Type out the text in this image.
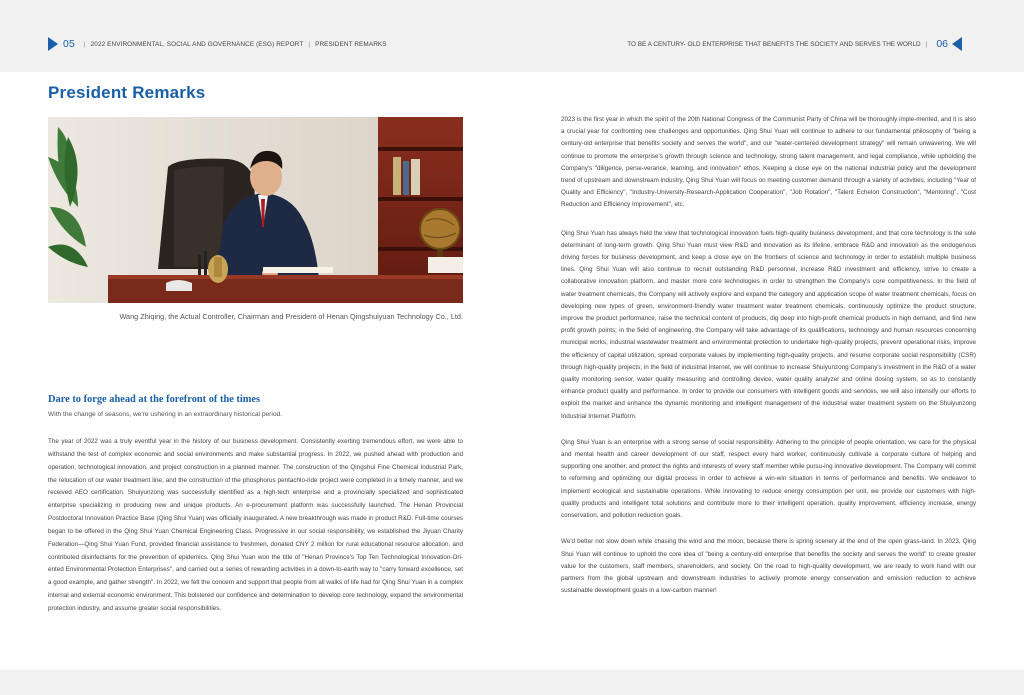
05 | 2022 ENVIRONMENTAL, SOCIAL AND GOVERNANCE (ESG) REPORT | PRESIDENT REMARKS	TO BE A CENTURY- OLD ENTERPRISE THAT BENEFITS THE SOCIETY AND SERVES THE WORLD | 06
President Remarks
Wang Zhiqing, the Actual Controller, Chairman and President of Henan Qingshuiyuan Technology Co., Ltd.
Dare to forge ahead at the forefront of the times

With the change of seasons, we're ushering in an extraordinary historical period.

The year of 2022 was a truly eventful year in the history of our business development. Consistently exerting tremendous effort, we were able to withstand the test of complex economic and social environments and make substantial progress. In 2022, we pushed ahead with production and operation, technological innovation, and project construction in a planned manner. The construction of the Qingshui Fine Chemical Industrial Park, the relocation of our water treatment line, and the construction of the phosphorus pentachlo-ride project were completed in a timely manner, and we received AEO certification. Shuiyunzong was successfully identified as a high-tech enterprise and a provincially specialized and sophisticated enterprise specializing in producing new and unique products. An e-procurement platform was successfully launched. The Henan Provincial Postdoctoral Innovation Practice Base (Qing Shui Yuan) was officially inaugurated. A new breakthrough was made in product R&D. Full-time courses began to be offered in the Qing Shui Yuan Chemical Engineering Class. Progressive in our social responsibility, we established the Jiyuan Charity Federation—Qing Shui Yuan Fund, provided financial assistance to freshmen, donated CNY 2 million for rural educational resource allocation, and contributed disinfectants for the prevention of epidemics. Qing Shui Yuan won the title of "Henan Province's Top Ten Technological Innovation-Ori-ented Environmental Protection Enterprises", and carried out a series of rewarding activities in a down-to-earth way to "carry forward excellence, set a good example, and gather strength". In 2022, we felt the concern and support that people from all walks of life had for Qing Shui Yuan in a complex internal and external economic environment. This bolstered our confidence and determination to develop core technology, expand the environmental protection industry, and assume greater social responsibilities.

2023 is the first year in which the spirit of the 20th National Congress of the Communist Party of China will be thoroughly imple-mented, and it is also a crucial year for confronting new challenges and opportunities. Qing Shui Yuan will continue to adhere to our fundamental philosophy of "being a century-old enterprise that benefits society and serves the world", and our "water-centered development strategy" will remain unwavering. We will continue to promote the enterprise's growth through science and technology, strong talent management, and legal compliance, while upholding the Company's "diligence, perse-verance, learning, and innovation" ethos. Keeping a close eye on the national industrial policy and the development trend of upstream and downstream industry, Qing Shui Yuan will focus on meeting customer demand through a variety of activities, including "Year of Quality and Efficiency", "Industry-University-Research-Application Cooperation", "Job Rotation", "Talent Echelon Construction", "Mentoring", "Cost Reduction and Efficiency Improvement", etc.

Qing Shui Yuan has always held the view that technological innovation fuels high-quality business development, and that core technology is the sole determinant of long-term growth. Qing Shui Yuan must view R&D and innovation as its lifeline, embrace R&D and innovation as the endogenous driving forces for business development, and keep a close eye on the frontiers of science and technology in order to establish multiple business lines. Qing Shui Yuan will also continue to recruit outstanding R&D personnel, increase R&D investment and efficiency, strive to create a collaborative innovation platform, and master more core technologies in order to strengthen the Company's core competitiveness. In the field of water treatment chemicals, the Company will actively explore and expand the category and application scope of water treatment chemicals, focus on developing new types of green, environment-friendly water treatment water treatment chemicals, continuously optimize the product structure, improve the product performance, raise the technical content of products, dig deep into high-profit chemical products in high demand, and find new profit growth points; in the field of engineering, the Company will take advantage of its qualifications, technology and human resources concerning municipal works, industrial wastewater treatment and environmental protection to undertake high-quality projects, prevent operational risks, improve the efficiency of capital utilization, spread corporate values by implementing high-quality projects, and resume corporate social responsibility (CSR) through high-quality projects; in the field of industrial Internet, we will continue to increase Shuiyunzong Company's investment in the R&D of a water quality monitoring sensor, water quality measuring and controlling device, water quality analyzer and online dosing system, so as to constantly enhance product quality and performance. In order to provide our consumers with intelligent goods and services, we will also intensify our efforts to exploit the market and enhance the dynamic monitoring and intelligent management of the industrial water treatment system on the Shuiyunzong Industrial Internet Platform.

Qing Shui Yuan is an enterprise with a strong sense of social responsibility. Adhering to the principle of people orientation, we care for the physical and mental health and career development of our staff, respect every hard worker, continuously cultivate a corporate culture of helping and supporting one another, and protect the rights and interests of every staff member while pursu-ing innovative development. The Company will commit to reforming and optimizing our digital process in order to achieve a win-win situation in terms of performance and benefits. We endeavor to implement ecological and sustainable operations. While innovating to reduce energy consumption per unit, we provide our customers with high-quality products and intelligent total solutions and contribute more to their intelligent operation, quality improvement, efficiency increase, energy conservation, and pollution reduction goals.

We'd better not slow down while chasing the wind and the moon, because there is spring scenery at the end of the open grass-land. In 2023, Qing Shui Yuan will continue to uphold the core idea of "being a century-old enterprise that benefits the society and serves the world" to create greater value for the customers, staff members, shareholders, and society. On the road to high-quality development, we are ready to work hand with our partners from the global upstream and downstream industries to actively promote energy conservation and emission reduction to achieve sustainable development goals in a low-carbon manner!
